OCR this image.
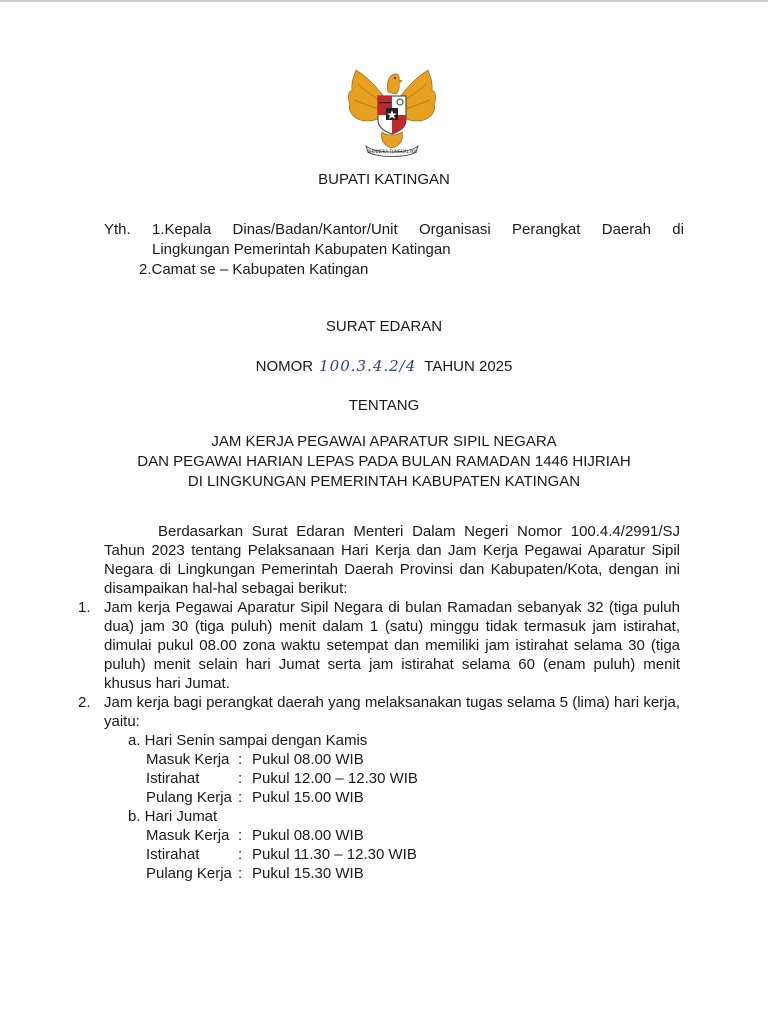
BHINNEKA TUNGGAL IKA
BUPATI KATINGAN
Yth.	1.Kepala Dinas/Badan/Kantor/Unit Organisasi Perangkat Daerah di
Lingkungan Pemerintah Kabupaten Katingan
2.Camat se – Kabupaten Katingan
SURAT EDARAN
NOMOR 100.3.4.2/4 TAHUN 2025
TENTANG
JAM KERJA PEGAWAI APARATUR SIPIL NEGARA
DAN PEGAWAI HARIAN LEPAS PADA BULAN RAMADAN 1446 HIJRIAH
DI LINGKUNGAN PEMERINTAH KABUPATEN KATINGAN

Berdasarkan Surat Edaran Menteri Dalam Negeri Nomor 100.4.4/2991/SJ Tahun 2023 tentang Pelaksanaan Hari Kerja dan Jam Kerja Pegawai Aparatur Sipil Negara di Lingkungan Pemerintah Daerah Provinsi dan Kabupaten/Kota, dengan ini disampaikan hal-hal sebagai berikut:

1. Jam kerja Pegawai Aparatur Sipil Negara di bulan Ramadan sebanyak 32 (tiga puluh dua) jam 30 (tiga puluh) menit dalam 1 (satu) minggu tidak termasuk jam istirahat, dimulai pukul 08.00 zona waktu setempat dan memiliki jam istirahat selama 30 (tiga puluh) menit selain hari Jumat serta jam istirahat selama 60 (enam puluh) menit khusus hari Jumat.
2. Jam kerja bagi perangkat daerah yang melaksanakan tugas selama 5 (lima) hari kerja, yaitu:
a. Hari Senin sampai dengan Kamis
Masuk Kerja : Pukul 08.00 WIB
Istirahat	: Pukul 12.00 – 12.30 WIB
Pulang Kerja : Pukul 15.00 WIB
b. Hari Jumat
Masuk Kerja : Pukul 08.00 WIB
Istirahat	: Pukul 11.30 – 12.30 WIB
Pulang Kerja : Pukul 15.30 WIB
